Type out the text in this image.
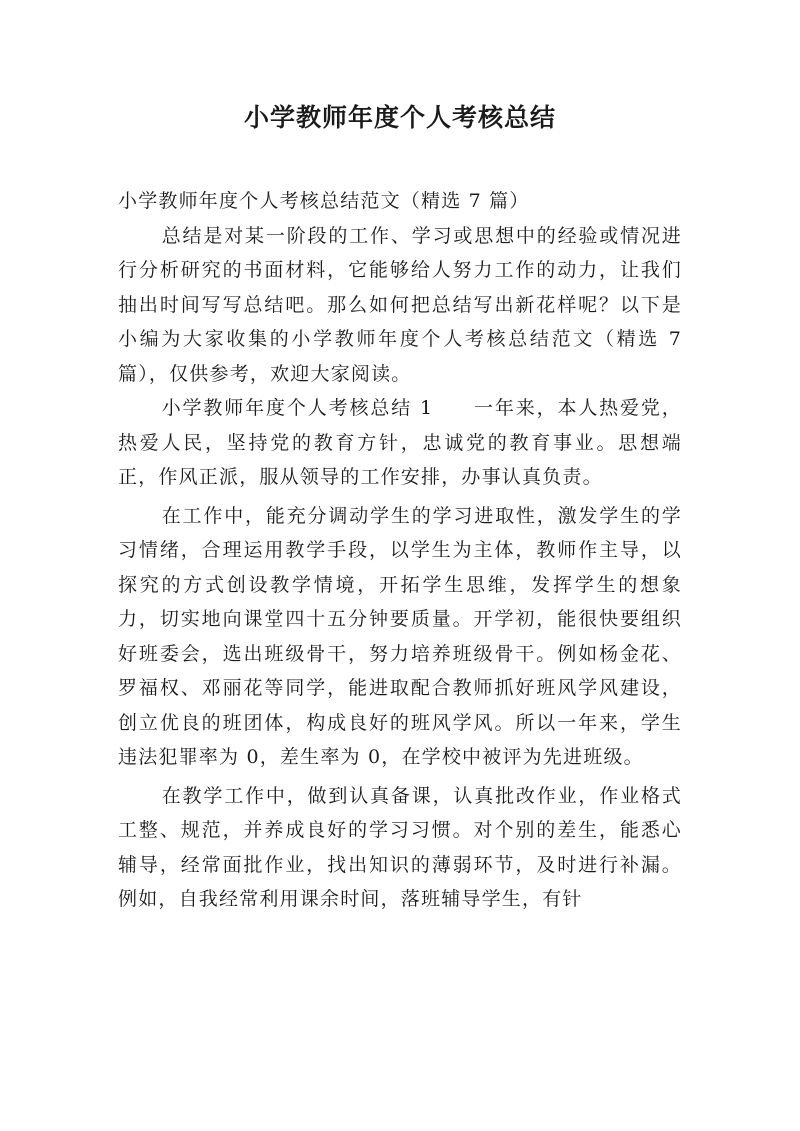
小学教师年度个人考核总结

小学教师年度个人考核总结范文（精选 7 篇）

总结是对某一阶段的工作、学习或思想中的经验或情况进行分析研究的书面材料，它能够给人努力工作的动力，让我们抽出时间写写总结吧。那么如何把总结写出新花样呢？以下是小编为大家收集的小学教师年度个人考核总结范文（精选 7 篇），仅供参考，欢迎大家阅读。

小学教师年度个人考核总结 1 一年来，本人热爱党，热爱人民，坚持党的教育方针，忠诚党的教育事业。思想端正，作风正派，服从领导的工作安排，办事认真负责。

在工作中，能充分调动学生的学习进取性，激发学生的学习情绪，合理运用教学手段，以学生为主体，教师作主导，以探究的方式创设教学情境，开拓学生思维，发挥学生的想象力，切实地向课堂四十五分钟要质量。开学初，能很快要组织好班委会，选出班级骨干，努力培养班级骨干。例如杨金花、罗福权、邓丽花等同学，能进取配合教师抓好班风学风建设，创立优良的班团体，构成良好的班风学风。所以一年来，学生违法犯罪率为 0，差生率为 0，在学校中被评为先进班级。

在教学工作中，做到认真备课，认真批改作业，作业格式工整、规范，并养成良好的学习习惯。对个别的差生，能悉心辅导，经常面批作业，找出知识的薄弱环节，及时进行补漏。例如，自我经常利用课余时间，落班辅导学生，有针
